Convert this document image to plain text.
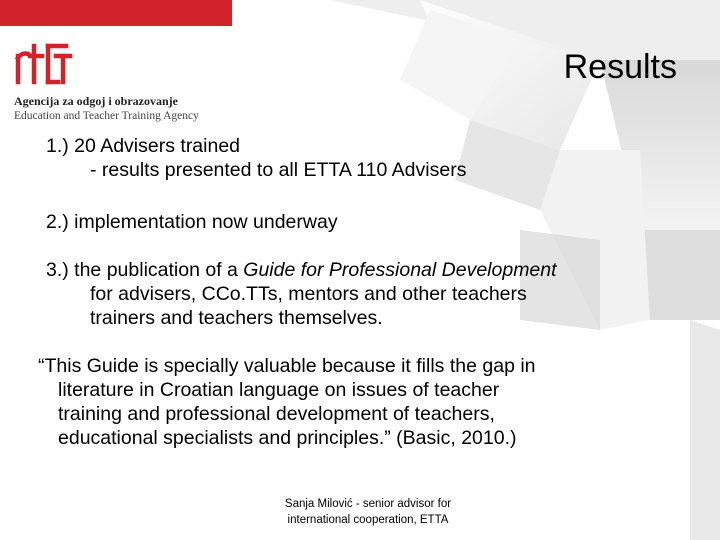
Agencija za odgoj i obrazovanje
Education and Teacher Training Agency

Results

1.) 20 Advisers trained
- results presented to all ETTA 110 Advisers

2.) implementation now underway

3.) the publication of a Guide for Professional Development
for advisers, CCo.TTs, mentors and other teachers
trainers and teachers themselves.

“This Guide is specially valuable because it fills the gap in
literature in Croatian language on issues of teacher
training and professional development of teachers,
educational specialists and principles.” (Basic, 2010.)

Sanja Milović - senior advisor for
international cooperation, ETTA
